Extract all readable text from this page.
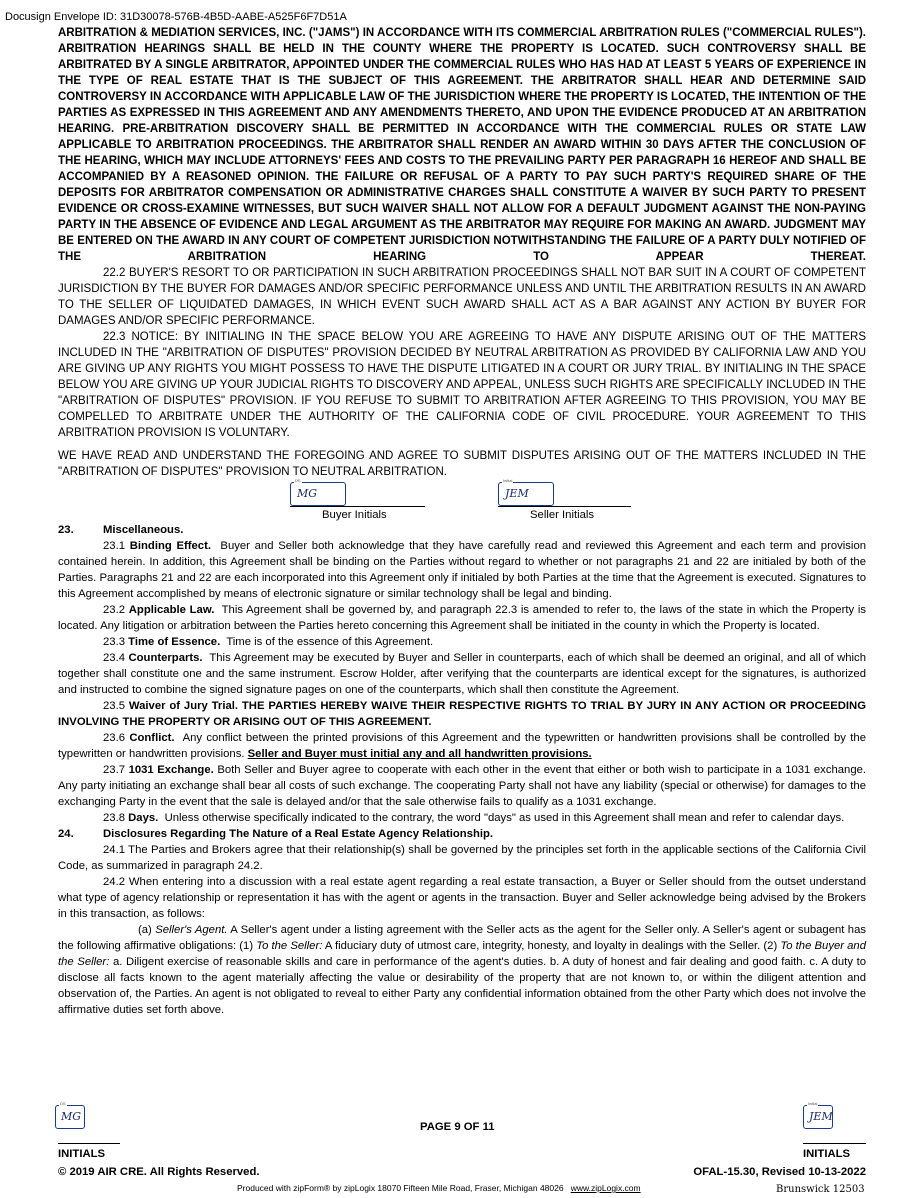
Docusign Envelope ID: 31D30078-576B-4B5D-AABE-A525F6F7D51A

ARBITRATION & MEDIATION SERVICES, INC. ("JAMS") IN ACCORDANCE WITH ITS COMMERCIAL ARBITRATION RULES ("COMMERCIAL RULES"). ARBITRATION HEARINGS SHALL BE HELD IN THE COUNTY WHERE THE PROPERTY IS LOCATED. SUCH CONTROVERSY SHALL BE ARBITRATED BY A SINGLE ARBITRATOR, APPOINTED UNDER THE COMMERCIAL RULES WHO HAS HAD AT LEAST 5 YEARS OF EXPERIENCE IN THE TYPE OF REAL ESTATE THAT IS THE SUBJECT OF THIS AGREEMENT. THE ARBITRATOR SHALL HEAR AND DETERMINE SAID CONTROVERSY IN ACCORDANCE WITH APPLICABLE LAW OF THE JURISDICTION WHERE THE PROPERTY IS LOCATED, THE INTENTION OF THE PARTIES AS EXPRESSED IN THIS AGREEMENT AND ANY AMENDMENTS THERETO, AND UPON THE EVIDENCE PRODUCED AT AN ARBITRATION HEARING. PRE-ARBITRATION DISCOVERY SHALL BE PERMITTED IN ACCORDANCE WITH THE COMMERCIAL RULES OR STATE LAW APPLICABLE TO ARBITRATION PROCEEDINGS. THE ARBITRATOR SHALL RENDER AN AWARD WITHIN 30 DAYS AFTER THE CONCLUSION OF THE HEARING, WHICH MAY INCLUDE ATTORNEYS' FEES AND COSTS TO THE PREVAILING PARTY PER PARAGRAPH 16 HEREOF AND SHALL BE ACCOMPANIED BY A REASONED OPINION. THE FAILURE OR REFUSAL OF A PARTY TO PAY SUCH PARTY'S REQUIRED SHARE OF THE DEPOSITS FOR ARBITRATOR COMPENSATION OR ADMINISTRATIVE CHARGES SHALL CONSTITUTE A WAIVER BY SUCH PARTY TO PRESENT EVIDENCE OR CROSS-EXAMINE WITNESSES, BUT SUCH WAIVER SHALL NOT ALLOW FOR A DEFAULT JUDGMENT AGAINST THE NON-PAYING PARTY IN THE ABSENCE OF EVIDENCE AND LEGAL ARGUMENT AS THE ARBITRATOR MAY REQUIRE FOR MAKING AN AWARD. JUDGMENT MAY BE ENTERED ON THE AWARD IN ANY COURT OF COMPETENT JURISDICTION NOTWITHSTANDING THE FAILURE OF A PARTY DULY NOTIFIED OF THE ARBITRATION HEARING TO APPEAR THEREAT.

22.2 BUYER'S RESORT TO OR PARTICIPATION IN SUCH ARBITRATION PROCEEDINGS SHALL NOT BAR SUIT IN A COURT OF COMPETENT JURISDICTION BY THE BUYER FOR DAMAGES AND/OR SPECIFIC PERFORMANCE UNLESS AND UNTIL THE ARBITRATION RESULTS IN AN AWARD TO THE SELLER OF LIQUIDATED DAMAGES, IN WHICH EVENT SUCH AWARD SHALL ACT AS A BAR AGAINST ANY ACTION BY BUYER FOR DAMAGES AND/OR SPECIFIC PERFORMANCE.

22.3 NOTICE: BY INITIALING IN THE SPACE BELOW YOU ARE AGREEING TO HAVE ANY DISPUTE ARISING OUT OF THE MATTERS INCLUDED IN THE "ARBITRATION OF DISPUTES" PROVISION DECIDED BY NEUTRAL ARBITRATION AS PROVIDED BY CALIFORNIA LAW AND YOU ARE GIVING UP ANY RIGHTS YOU MIGHT POSSESS TO HAVE THE DISPUTE LITIGATED IN A COURT OR JURY TRIAL. BY INITIALING IN THE SPACE BELOW YOU ARE GIVING UP YOUR JUDICIAL RIGHTS TO DISCOVERY AND APPEAL, UNLESS SUCH RIGHTS ARE SPECIFICALLY INCLUDED IN THE "ARBITRATION OF DISPUTES" PROVISION. IF YOU REFUSE TO SUBMIT TO ARBITRATION AFTER AGREEING TO THIS PROVISION, YOU MAY BE COMPELLED TO ARBITRATE UNDER THE AUTHORITY OF THE CALIFORNIA CODE OF CIVIL PROCEDURE. YOUR AGREEMENT TO THIS ARBITRATION PROVISION IS VOLUNTARY.

WE HAVE READ AND UNDERSTAND THE FOREGOING AND AGREE TO SUBMIT DISPUTES ARISING OUT OF THE MATTERS INCLUDED IN THE "ARBITRATION OF DISPUTES" PROVISION TO NEUTRAL ARBITRATION.

DS
MG
Buyer Initials
Initial
JEM
Seller Initials
23.	Miscellaneous.

23.1 Binding Effect. Buyer and Seller both acknowledge that they have carefully read and reviewed this Agreement and each term and provision contained herein. In addition, this Agreement shall be binding on the Parties without regard to whether or not paragraphs 21 and 22 are initialed by both of the Parties. Paragraphs 21 and 22 are each incorporated into this Agreement only if initialed by both Parties at the time that the Agreement is executed. Signatures to this Agreement accomplished by means of electronic signature or similar technology shall be legal and binding.

23.2 Applicable Law. This Agreement shall be governed by, and paragraph 22.3 is amended to refer to, the laws of the state in which the Property is located. Any litigation or arbitration between the Parties hereto concerning this Agreement shall be initiated in the county in which the Property is located.

23.3 Time of Essence. Time is of the essence of this Agreement.

23.4 Counterparts. This Agreement may be executed by Buyer and Seller in counterparts, each of which shall be deemed an original, and all of which together shall constitute one and the same instrument. Escrow Holder, after verifying that the counterparts are identical except for the signatures, is authorized and instructed to combine the signed signature pages on one of the counterparts, which shall then constitute the Agreement.

23.5 Waiver of Jury Trial. THE PARTIES HEREBY WAIVE THEIR RESPECTIVE RIGHTS TO TRIAL BY JURY IN ANY ACTION OR PROCEEDING INVOLVING THE PROPERTY OR ARISING OUT OF THIS AGREEMENT.

23.6 Conflict. Any conflict between the printed provisions of this Agreement and the typewritten or handwritten provisions shall be controlled by the typewritten or handwritten provisions. Seller and Buyer must initial any and all handwritten provisions.

23.7 1031 Exchange. Both Seller and Buyer agree to cooperate with each other in the event that either or both wish to participate in a 1031 exchange. Any party initiating an exchange shall bear all costs of such exchange. The cooperating Party shall not have any liability (special or otherwise) for damages to the exchanging Party in the event that the sale is delayed and/or that the sale otherwise fails to qualify as a 1031 exchange.

23.8 Days. Unless otherwise specifically indicated to the contrary, the word "days" as used in this Agreement shall mean and refer to calendar days.

24.	Disclosures Regarding The Nature of a Real Estate Agency Relationship.

24.1 The Parties and Brokers agree that their relationship(s) shall be governed by the principles set forth in the applicable sections of the California Civil Code, as summarized in paragraph 24.2.

24.2 When entering into a discussion with a real estate agent regarding a real estate transaction, a Buyer or Seller should from the outset understand what type of agency relationship or representation it has with the agent or agents in the transaction. Buyer and Seller acknowledge being advised by the Brokers in this transaction, as follows:

(a) Seller's Agent. A Seller's agent under a listing agreement with the Seller acts as the agent for the Seller only. A Seller's agent or subagent has the following affirmative obligations: (1) To the Seller: A fiduciary duty of utmost care, integrity, honesty, and loyalty in dealings with the Seller. (2) To the Buyer and the Seller: a. Diligent exercise of reasonable skills and care in performance of the agent's duties. b. A duty of honest and fair dealing and good faith. c. A duty to disclose all facts known to the agent materially affecting the value or desirability of the property that are not known to, or within the diligent attention and observation of, the Parties. An agent is not obligated to reveal to either Party any confidential information obtained from the other Party which does not involve the affirmative duties set forth above.

DS
MG
PAGE 9 OF 11
Initial
JEM
INITIALS	INITIALS
© 2019 AIR CRE. All Rights Reserved.	OFAL-15.30, Revised 10-13-2022
Produced with zipForm® by zipLogix 18070 Fifteen Mile Road, Fraser, Michigan 48026 www.zipLogix.com	Brunswick 12503
